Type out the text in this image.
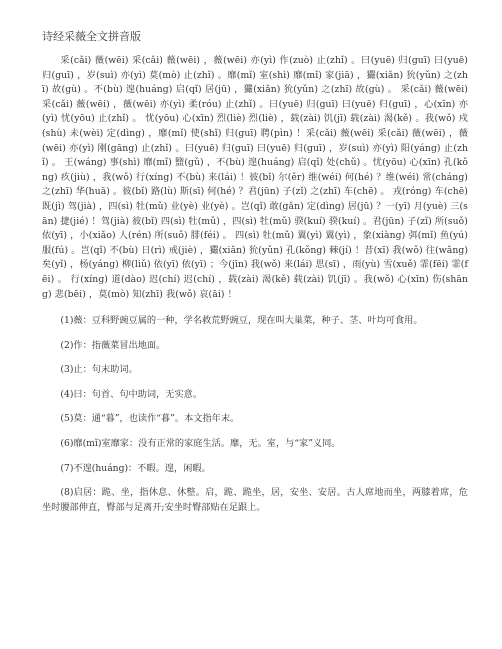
诗经采薇全文拼音版

采(cǎi) 薇(wēi) 采(cǎi) 薇(wēi) ，薇(wēi) 亦(yì) 作(zuò) 止(zhǐ) 。曰(yuē) 归(guī) 曰(yuē) 归(guī) ，岁(suì) 亦(yì) 莫(mò) 止(zhǐ) 。靡(mǐ) 室(shì) 靡(mǐ) 家(jiā) ，玁(xiǎn) 狁(yǔn) 之(zhī) 故(gù) 。不(bù) 遑(huáng) 启(qǐ) 居(jū) ，玁(xiǎn) 狁(yǔn) 之(zhī) 故(gù) 。 采(cǎi) 薇(wēi) 采(cǎi) 薇(wēi) ，薇(wēi) 亦(yì) 柔(róu) 止(zhǐ) 。曰(yuē) 归(guī) 曰(yuē) 归(guī) ，心(xīn) 亦(yì) 忧(yōu) 止(zhǐ) 。 忧(yōu) 心(xīn) 烈(liè) 烈(liè) ，载(zài) 饥(jī) 载(zài) 渴(kě) 。我(wǒ) 戍(shù) 未(wèi) 定(dìng) ，靡(mǐ) 使(shǐ) 归(guī) 聘(pìn) ！采(cǎi) 薇(wēi) 采(cǎi) 薇(wēi) ，薇(wēi) 亦(yì) 刚(gāng) 止(zhǐ) 。曰(yuē) 归(guī) 曰(yuē) 归(guī) ，岁(suì) 亦(yì) 阳(yáng) 止(zhǐ) 。 王(wáng) 事(shì) 靡(mǐ) 盬(gǔ) ，不(bù) 遑(huáng) 启(qǐ) 处(chǔ) 。忧(yōu) 心(xīn) 孔(kǒng) 疚(jiù) ，我(wǒ) 行(xíng) 不(bù) 来(lái) ！彼(bǐ) 尔(ěr) 维(wéi) 何(hé) ？维(wéi) 常(cháng) 之(zhī) 华(huā) 。彼(bǐ) 路(lù) 斯(sī) 何(hé) ？君(jūn) 子(zǐ) 之(zhī) 车(chē) 。 戎(róng) 车(chē) 既(jì) 驾(jià) ，四(sì) 牡(mǔ) 业(yè) 业(yè) 。岂(qǐ) 敢(gǎn) 定(dìng) 居(jū) ？一(yī) 月(yuè) 三(sān) 捷(jié) ！驾(jià) 彼(bǐ) 四(sì) 牡(mǔ) ，四(sì) 牡(mǔ) 骙(kuí) 骙(kuí) 。君(jūn) 子(zǐ) 所(suǒ) 依(yī) ，小(xiǎo) 人(rén) 所(suǒ) 腓(féi) 。 四(sì) 牡(mǔ) 翼(yì) 翼(yì) ，象(xiàng) 弭(mǐ) 鱼(yú) 服(fú) 。岂(qǐ) 不(bù) 日(rì) 戒(jiè) ，玁(xiǎn) 狁(yǔn) 孔(kǒng) 棘(jí) ！昔(xī) 我(wǒ) 往(wǎng) 矣(yǐ) ，杨(yáng) 柳(liǔ) 依(yī) 依(yī) ；今(jīn) 我(wǒ) 来(lái) 思(sī) ，雨(yù) 雪(xuě) 霏(fēi) 霏(fēi) 。 行(xíng) 道(dào) 迟(chí) 迟(chí) ，载(zài) 渴(kě) 载(zài) 饥(jī) 。我(wǒ) 心(xīn) 伤(shāng) 悲(bēi) ，莫(mò) 知(zhī) 我(wǒ) 哀(āi) ！

(1)薇：豆科野豌豆属的一种，学名救荒野豌豆，现在叫大巢菜，种子、茎、叶均可食用。

(2)作：指薇菜冒出地面。

(3)止：句末助词。

(4)曰：句首、句中助词，无实意。

(5)莫：通“暮”，也读作“暮”。本文指年末。

(6)靡(mǐ)室靡家：没有正常的家庭生活。靡，无。室，与“家”义同。

(7)不遑(huáng)：不暇。遑，闲暇。

(8)启居：跪、坐，指休息、休整。启，跪、跪坐，居，安坐、安居。古人席地而坐，两膝着席，危坐时腰部伸直，臀部与足离开;安坐时臀部贴在足跟上。
